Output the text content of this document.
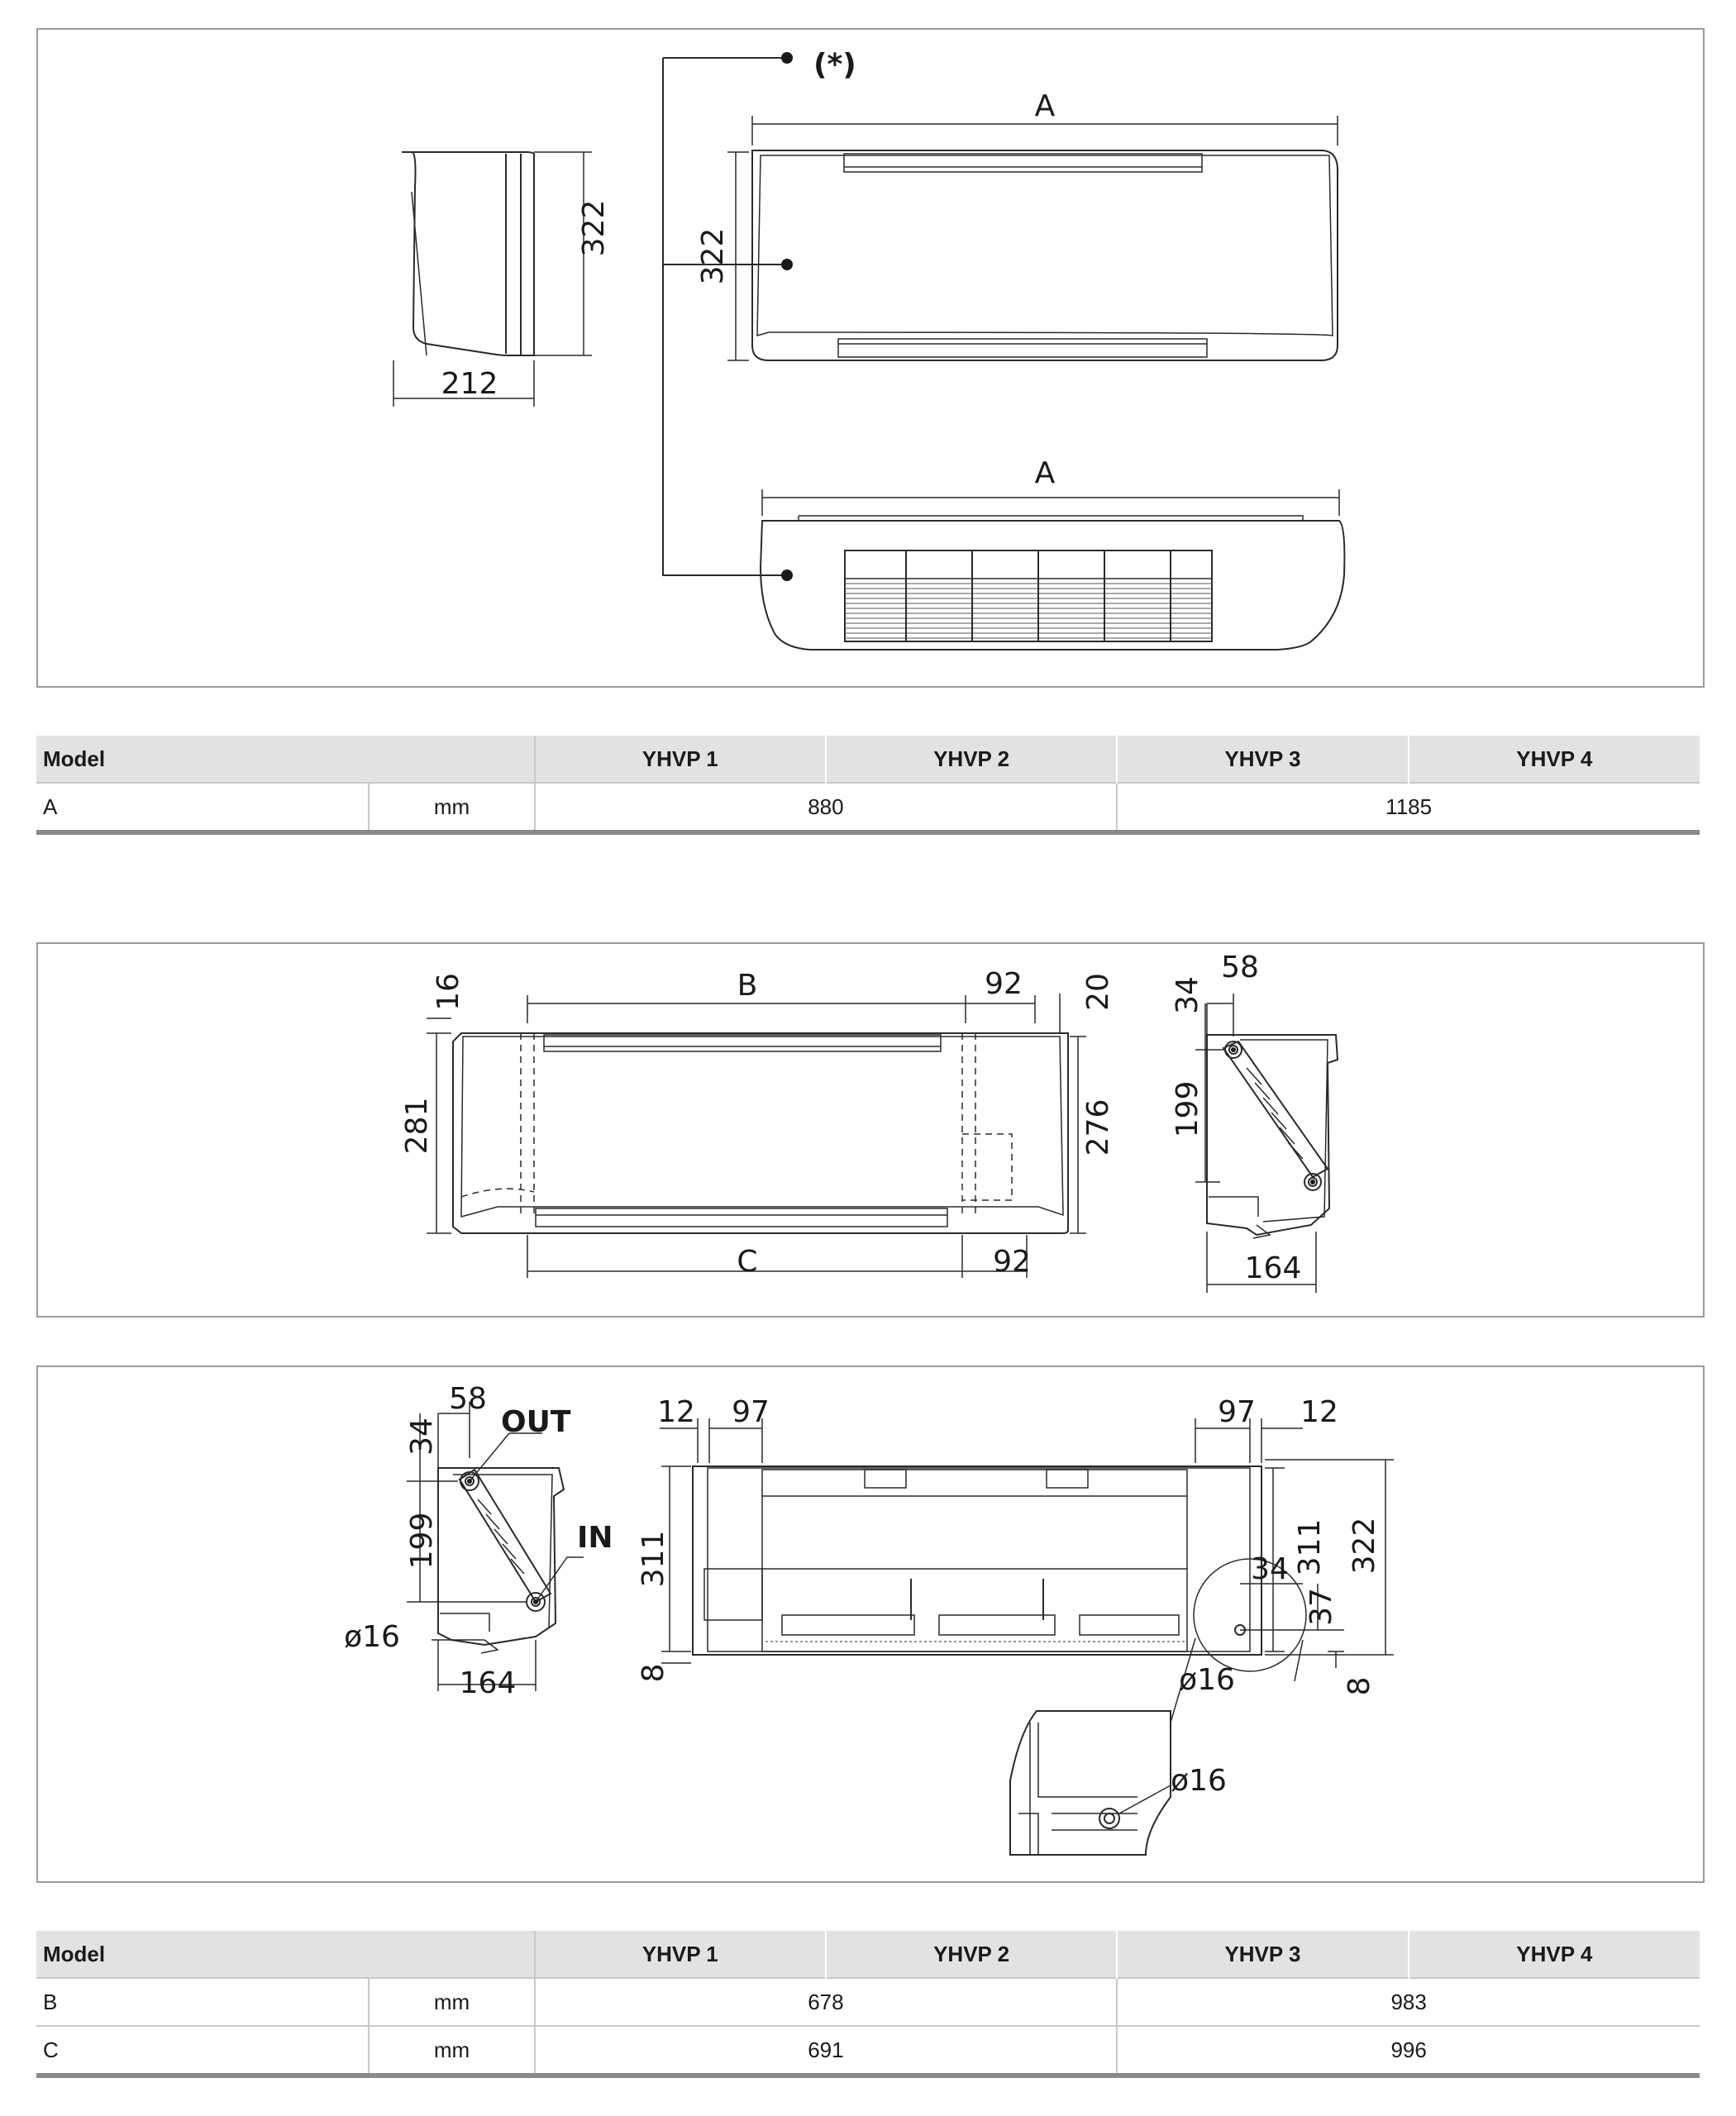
(*)
A
A
322
322
212
Model		YHVP 1	YHVP 2	YHVP 3	YHVP 4
A	mm	880		1185	
B
C
16
281
92 20
276
92
58
34
199
164
58
34
199
164
ø16
OUT
IN
12 97	97 12
311	311 322
8
8
34
37
ø16
ø16
Model		YHVP 1	YHVP 2	YHVP 3	YHVP 4
B	mm	678		983	
C	mm	691		996	
